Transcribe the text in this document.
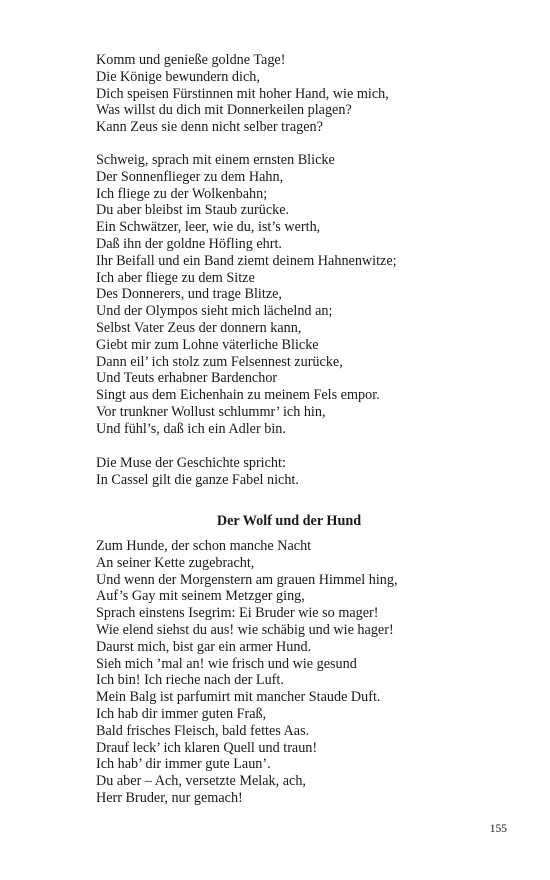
Komm und genieße goldne Tage!
Die Könige bewundern dich,
Dich speisen Fürstinnen mit hoher Hand, wie mich,
Was willst du dich mit Donnerkeilen plagen?
Kann Zeus sie denn nicht selber tragen?
Schweig, sprach mit einem ernsten Blicke
Der Sonnenflieger zu dem Hahn,
Ich fliege zu der Wolkenbahn;
Du aber bleibst im Staub zurücke.
Ein Schwätzer, leer, wie du, ist’s werth,
Daß ihn der goldne Höfling ehrt.
Ihr Beifall und ein Band ziemt deinem Hahnenwitze;
Ich aber fliege zu dem Sitze
Des Donnerers, und trage Blitze,
Und der Olympos sieht mich lächelnd an;
Selbst Vater Zeus der donnern kann,
Giebt mir zum Lohne väterliche Blicke
Dann eil’ ich stolz zum Felsennest zurücke,
Und Teuts erhabner Bardenchor
Singt aus dem Eichenhain zu meinem Fels empor.
Vor trunkner Wollust schlummr’ ich hin,
Und fühl’s, daß ich ein Adler bin.
Die Muse der Geschichte spricht:
In Cassel gilt die ganze Fabel nicht.
Der Wolf und der Hund
Zum Hunde, der schon manche Nacht
An seiner Kette zugebracht,
Und wenn der Morgenstern am grauen Himmel hing,
Auf’s Gay mit seinem Metzger ging,
Sprach einstens Isegrim: Ei Bruder wie so mager!
Wie elend siehst du aus! wie schäbig und wie hager!
Daurst mich, bist gar ein armer Hund.
Sieh mich ’mal an! wie frisch und wie gesund
Ich bin! Ich rieche nach der Luft.
Mein Balg ist parfumirt mit mancher Staude Duft.
Ich hab dir immer guten Fraß,
Bald frisches Fleisch, bald fettes Aas.
Drauf leck’ ich klaren Quell und traun!
Ich hab’ dir immer gute Laun’.
Du aber – Ach, versetzte Melak, ach,
Herr Bruder, nur gemach!
155
